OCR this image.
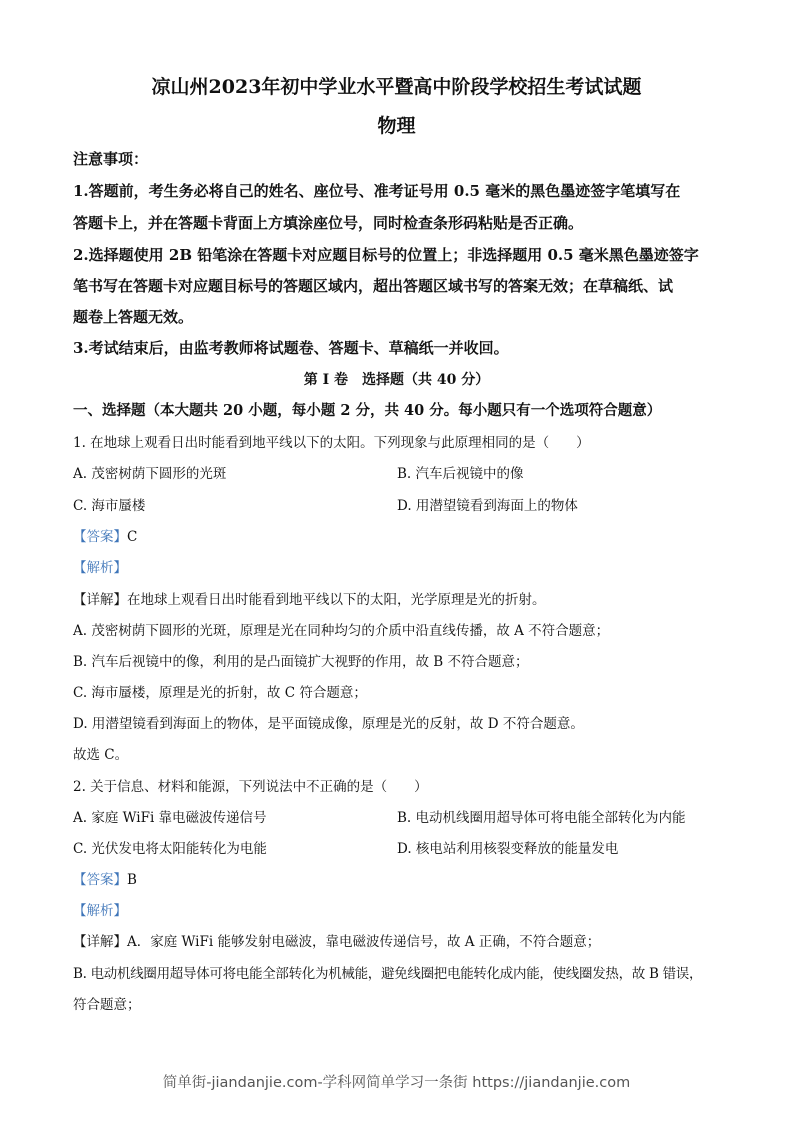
凉山州2023年初中学业水平暨高中阶段学校招生考试试题
物理
注意事项：
1.答题前，考生务必将自己的姓名、座位号、准考证号用 0.5 毫米的黑色墨迹签字笔填写在
答题卡上，并在答题卡背面上方填涂座位号，同时检查条形码粘贴是否正确。
2.选择题使用 2B 铅笔涂在答题卡对应题目标号的位置上；非选择题用 0.5 毫米黑色墨迹签字
笔书写在答题卡对应题目标号的答题区域内，超出答题区域书写的答案无效；在草稿纸、试
题卷上答题无效。
3.考试结束后，由监考教师将试题卷、答题卡、草稿纸一并收回。
第 I 卷　选择题（共 40 分）
一、选择题（本大题共 20 小题，每小题 2 分，共 40 分。每小题只有一个选项符合题意）
1. 在地球上观看日出时能看到地平线以下的太阳。下列现象与此原理相同的是（　　）
A. 茂密树荫下圆形的光斑	B. 汽车后视镜中的像
C. 海市蜃楼	D. 用潜望镜看到海面上的物体
【答案】C
【解析】
【详解】在地球上观看日出时能看到地平线以下的太阳，光学原理是光的折射。
A. 茂密树荫下圆形的光斑，原理是光在同种均匀的介质中沿直线传播，故 A 不符合题意；
B. 汽车后视镜中的像，利用的是凸面镜扩大视野的作用，故 B 不符合题意；
C. 海市蜃楼，原理是光的折射，故 C 符合题意；
D. 用潜望镜看到海面上的物体，是平面镜成像，原理是光的反射，故 D 不符合题意。
故选 C。
2. 关于信息、材料和能源，下列说法中不正确的是（　　）
A. 家庭 WiFi 靠电磁波传递信号	B. 电动机线圈用超导体可将电能全部转化为内能
C. 光伏发电将太阳能转化为电能	D. 核电站利用核裂变释放的能量发电
【答案】B
【解析】
【详解】A．家庭 WiFi 能够发射电磁波，靠电磁波传递信号，故 A 正确，不符合题意；
B. 电动机线圈用超导体可将电能全部转化为机械能，避免线圈把电能转化成内能，使线圈发热，故 B 错误，
符合题意；
简单街-jiandanjie.com-学科网简单学习一条街 https://jiandanjie.com
